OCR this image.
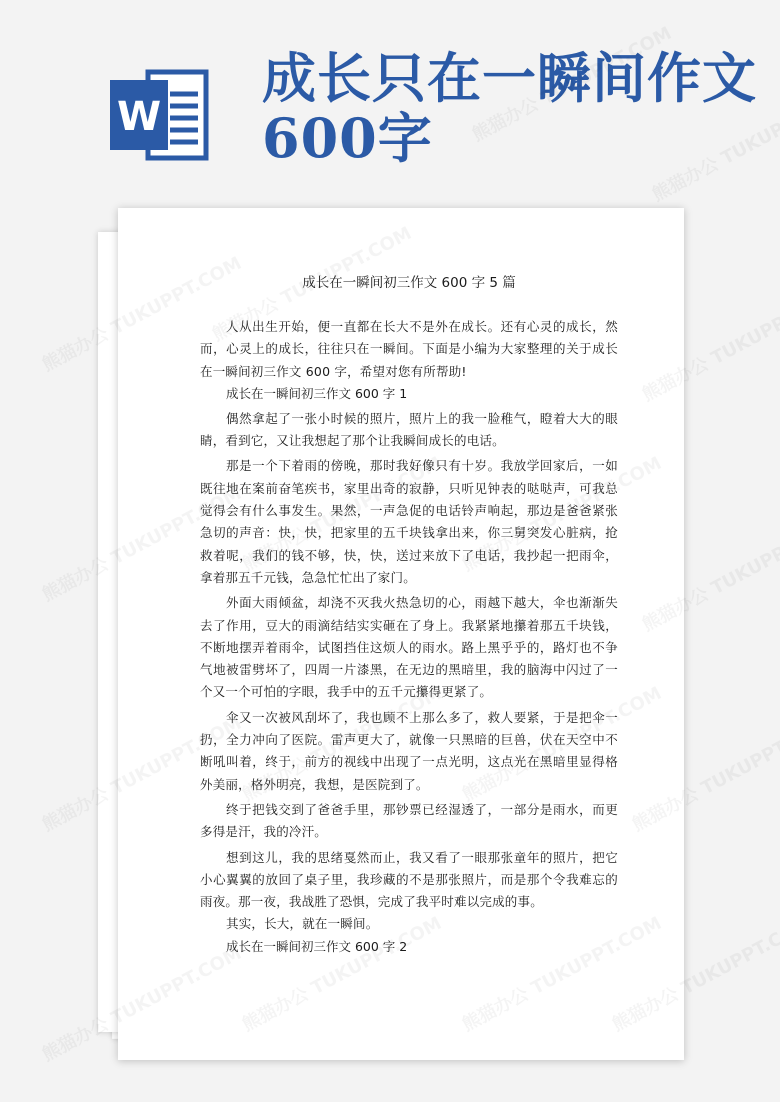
W
成长只在一瞬间作文600字
成长在一瞬间初三作文 600 字 5 篇

人从出生开始，便一直都在长大不是外在成长。还有心灵的成长，然而，心灵上的成长，往往只在一瞬间。下面是小编为大家整理的关于成长在一瞬间初三作文 600 字，希望对您有所帮助!

成长在一瞬间初三作文 600 字 1

偶然拿起了一张小时候的照片，照片上的我一脸稚气，瞪着大大的眼睛，看到它，又让我想起了那个让我瞬间成长的电话。

那是一个下着雨的傍晚，那时我好像只有十岁。我放学回家后，一如既往地在案前奋笔疾书，家里出奇的寂静，只听见钟表的哒哒声，可我总觉得会有什么事发生。果然，一声急促的电话铃声响起，那边是爸爸紧张急切的声音：快，快，把家里的五千块钱拿出来，你三舅突发心脏病，抢救着呢，我们的钱不够，快，快，送过来放下了电话，我抄起一把雨伞，拿着那五千元钱，急急忙忙出了家门。

外面大雨倾盆，却浇不灭我火热急切的心，雨越下越大，伞也渐渐失去了作用，豆大的雨滴结结实实砸在了身上。我紧紧地攥着那五千块钱，不断地摆弄着雨伞，试图挡住这烦人的雨水。路上黑乎乎的，路灯也不争气地被雷劈坏了，四周一片漆黑，在无边的黑暗里，我的脑海中闪过了一个又一个可怕的字眼，我手中的五千元攥得更紧了。

伞又一次被风刮坏了，我也顾不上那么多了，救人要紧，于是把伞一扔，全力冲向了医院。雷声更大了，就像一只黑暗的巨兽，伏在天空中不断吼叫着，终于，前方的视线中出现了一点光明，这点光在黑暗里显得格外美丽，格外明亮，我想，是医院到了。

终于把钱交到了爸爸手里，那钞票已经湿透了，一部分是雨水，而更多得是汗，我的冷汗。

想到这儿，我的思绪戛然而止，我又看了一眼那张童年的照片，把它小心翼翼的放回了桌子里，我珍藏的不是那张照片，而是那个令我难忘的雨夜。那一夜，我战胜了恐惧，完成了我平时难以完成的事。

其实，长大，就在一瞬间。

成长在一瞬间初三作文 600 字 2
